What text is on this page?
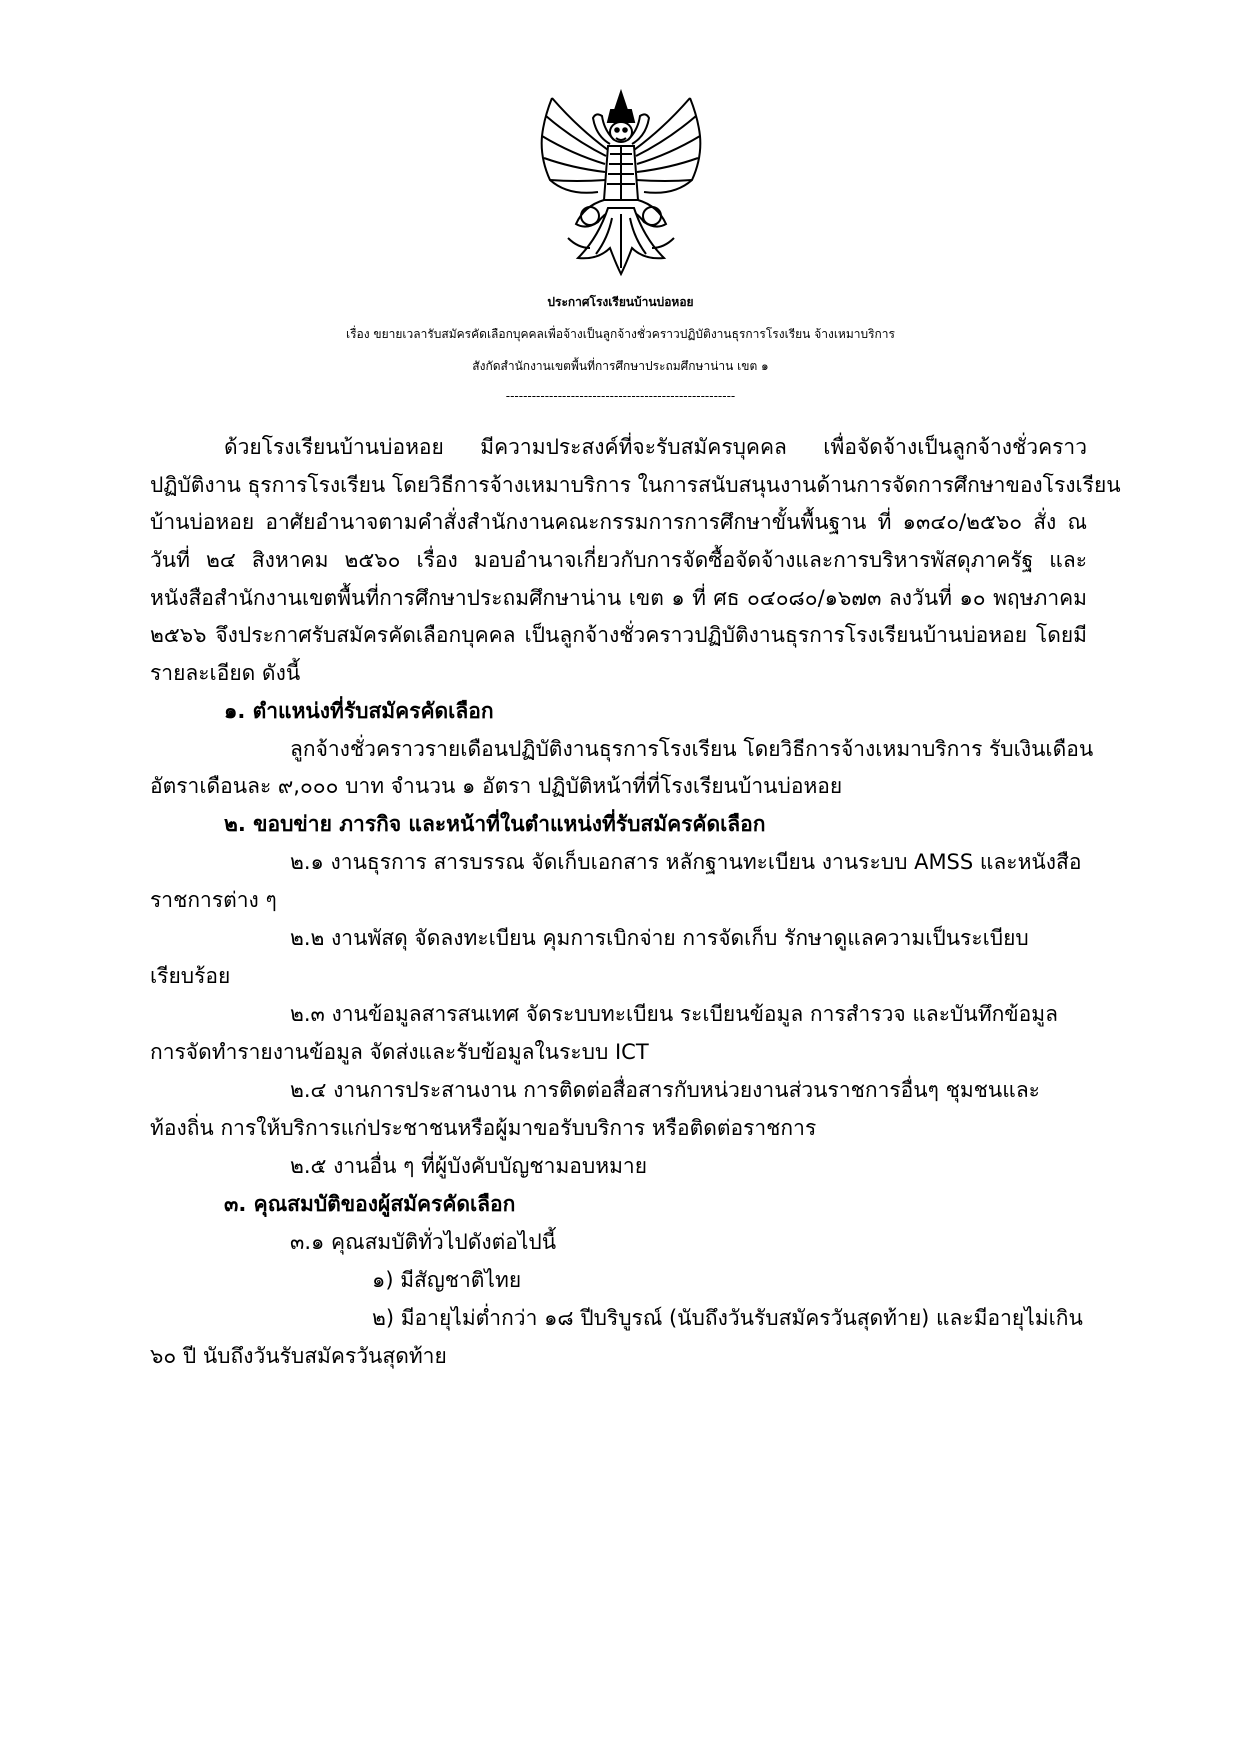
ประกาศโรงเรียนบ้านบ่อหอย
เรื่อง ขยายเวลารับสมัครคัดเลือกบุคคลเพื่อจ้างเป็นลูกจ้างชั่วคราวปฏิบัติงานธุรการโรงเรียน จ้างเหมาบริการ
สังกัดสำนักงานเขตพื้นที่การศึกษาประถมศึกษาน่าน เขต ๑
-----------------------------------------------------
ด้วยโรงเรียนบ้านบ่อหอย มีความประสงค์ที่จะรับสมัครบุคคล เพื่อจัดจ้างเป็นลูกจ้างชั่วคราว
ปฏิบัติงาน ธุรการโรงเรียน โดยวิธีการจ้างเหมาบริการ ในการสนับสนุนงานด้านการจัดการศึกษาของโรงเรียน
บ้านบ่อหอย อาศัยอำนาจตามคำสั่งสำนักงานคณะกรรมการการศึกษาขั้นพื้นฐาน ที่ ๑๓๔๐/๒๕๖๐ สั่ง ณ
วันที่ ๒๔ สิงหาคม ๒๕๖๐ เรื่อง มอบอำนาจเกี่ยวกับการจัดซื้อจัดจ้างและการบริหารพัสดุภาครัฐ และ
หนังสือสำนักงานเขตพื้นที่การศึกษาประถมศึกษาน่าน เขต ๑ ที่ ศธ ๐๔๐๘๐/๑๖๗๓ ลงวันที่ ๑๐ พฤษภาคม
๒๕๖๖ จึงประกาศรับสมัครคัดเลือกบุคคล เป็นลูกจ้างชั่วคราวปฏิบัติงานธุรการโรงเรียนบ้านบ่อหอย โดยมี
รายละเอียด ดังนี้
๑. ตำแหน่งที่รับสมัครคัดเลือก
ลูกจ้างชั่วคราวรายเดือนปฏิบัติงานธุรการโรงเรียน โดยวิธีการจ้างเหมาบริการ รับเงินเดือน
อัตราเดือนละ ๙,๐๐๐ บาท จำนวน ๑ อัตรา ปฏิบัติหน้าที่ที่โรงเรียนบ้านบ่อหอย
๒. ขอบข่าย ภารกิจ และหน้าที่ในตำแหน่งที่รับสมัครคัดเลือก
๒.๑ งานธุรการ สารบรรณ จัดเก็บเอกสาร หลักฐานทะเบียน งานระบบ AMSS และหนังสือ
ราชการต่าง ๆ
๒.๒ งานพัสดุ จัดลงทะเบียน คุมการเบิกจ่าย การจัดเก็บ รักษาดูแลความเป็นระเบียบ
เรียบร้อย
๒.๓ งานข้อมูลสารสนเทศ จัดระบบทะเบียน ระเบียนข้อมูล การสำรวจ และบันทึกข้อมูล
การจัดทำรายงานข้อมูล จัดส่งและรับข้อมูลในระบบ ICT
๒.๔ งานการประสานงาน การติดต่อสื่อสารกับหน่วยงานส่วนราชการอื่นๆ ชุมชนและ
ท้องถิ่น การให้บริการแก่ประชาชนหรือผู้มาขอรับบริการ หรือติดต่อราชการ
๒.๕ งานอื่น ๆ ที่ผู้บังคับบัญชามอบหมาย
๓. คุณสมบัติของผู้สมัครคัดเลือก
๓.๑ คุณสมบัติทั่วไปดังต่อไปนี้
๑) มีสัญชาติไทย
๒) มีอายุไม่ต่ำกว่า ๑๘ ปีบริบูรณ์ (นับถึงวันรับสมัครวันสุดท้าย) และมีอายุไม่เกิน
๖๐ ปี นับถึงวันรับสมัครวันสุดท้าย
